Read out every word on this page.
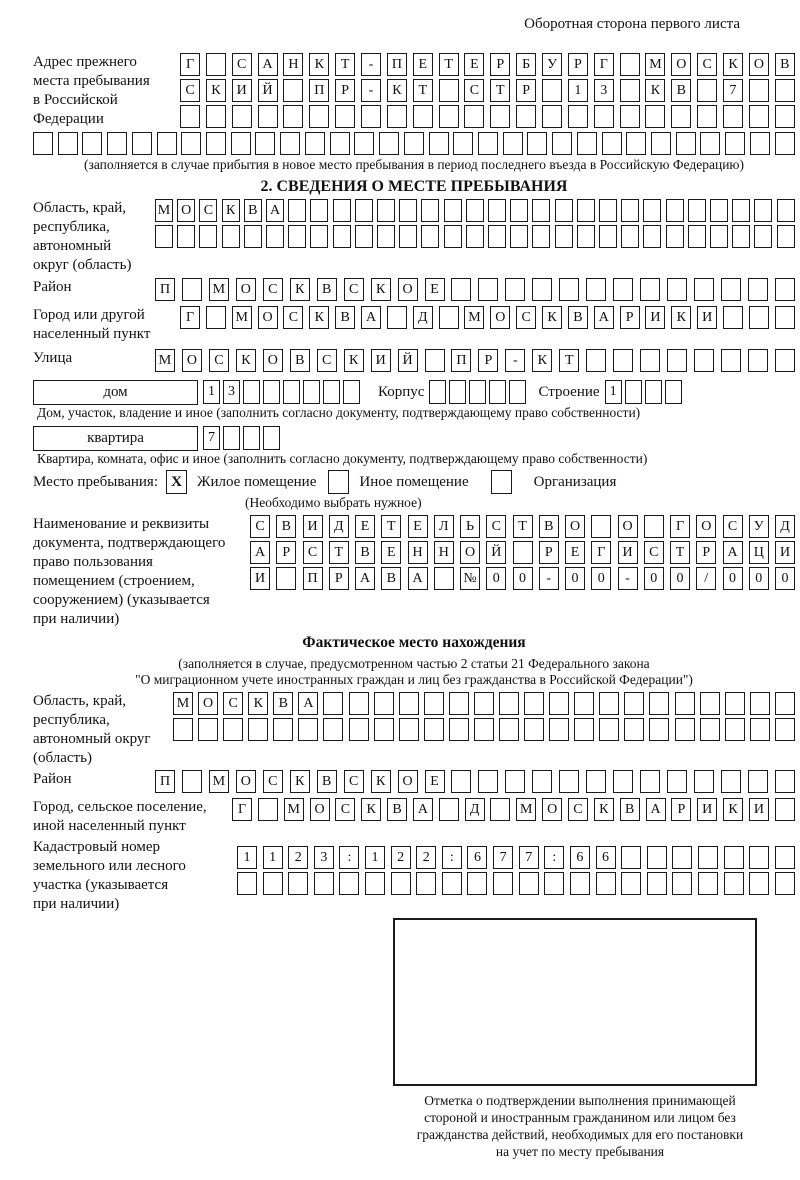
Оборотная сторона первого листа
Адрес прежнего
места пребывания
в Российской
Федерации
Г	С	А	Н	К	Т	-	П	Е	Т	Е	Р	Б	У	Р	Г	М	О	С	К	О	В
С	К	И	Й	П	Р	-	К	Т	С	Т	Р	1	3	К	В	7
(заполняется в случае прибытия в новое место пребывания в период последнего въезда в Российскую Федерацию)
2. СВЕДЕНИЯ О МЕСТЕ ПРЕБЫВАНИЯ
Область, край,
республика,
автономный
округ (область)
М О С К В А
Район	П	М	О	С	К	В	С	К	О	Е
Город или другой
населенный пункт
Г	М	О	С	К	В	А	Д	М	О	С	К	В	А	Р	И	К	И
Улица	М	О	С	К	О	В	С	К	И	Й	П	Р	-	К	Т
дом	1 3	Корпус	Строение 1
Дом, участок, владение и иное (заполнить согласно документу, подтверждающему право собственности)
квартира	7
Квартира, комната, офис и иное (заполнить согласно документу, подтверждающему право собственности)
Место пребывания: X	Жилое помещение	Иное помещение	Организация
(Необходимо выбрать нужное)
Наименование и реквизиты
документа, подтверждающего
право пользования
помещением (строением,
сооружением) (указывается
при наличии)
С	В	И	Д	Е	Т	Е	Л	Ь	С	Т	В	О	О	Г	О	С	У	Д
А	Р	С	Т	В	Е	Н	Н	О	Й	Р	Е	Г	И	С	Т	Р	А	Ц	И
И	П	Р	А	В	А	№	0	0	-	0	0	-	0	0	/	0	0	0
Фактическое место нахождения
(заполняется в случае, предусмотренном частью 2 статьи 21 Федерального закона
"О миграционном учете иностранных граждан и лиц без гражданства в Российской Федерации")
Область, край,
республика,
автономный округ
(область)
М О	С	К	В	А
Район	П	М	О	С	К	В	С	К	О	Е
Город, сельское поселение,
иной населенный пункт
Г	М	О	С	К	В	А	Д	М	О	С	К	В	А	Р	И	К	И
Кадастровый номер
земельного или лесного
участка (указывается
при наличии)
1	1	2	3	:	1	2	2	:	6	7	7	:	6	6
Отметка о подтверждении выполнения принимающей
стороной и иностранным гражданином или лицом без
гражданства действий, необходимых для его постановки
на учет по месту пребывания
